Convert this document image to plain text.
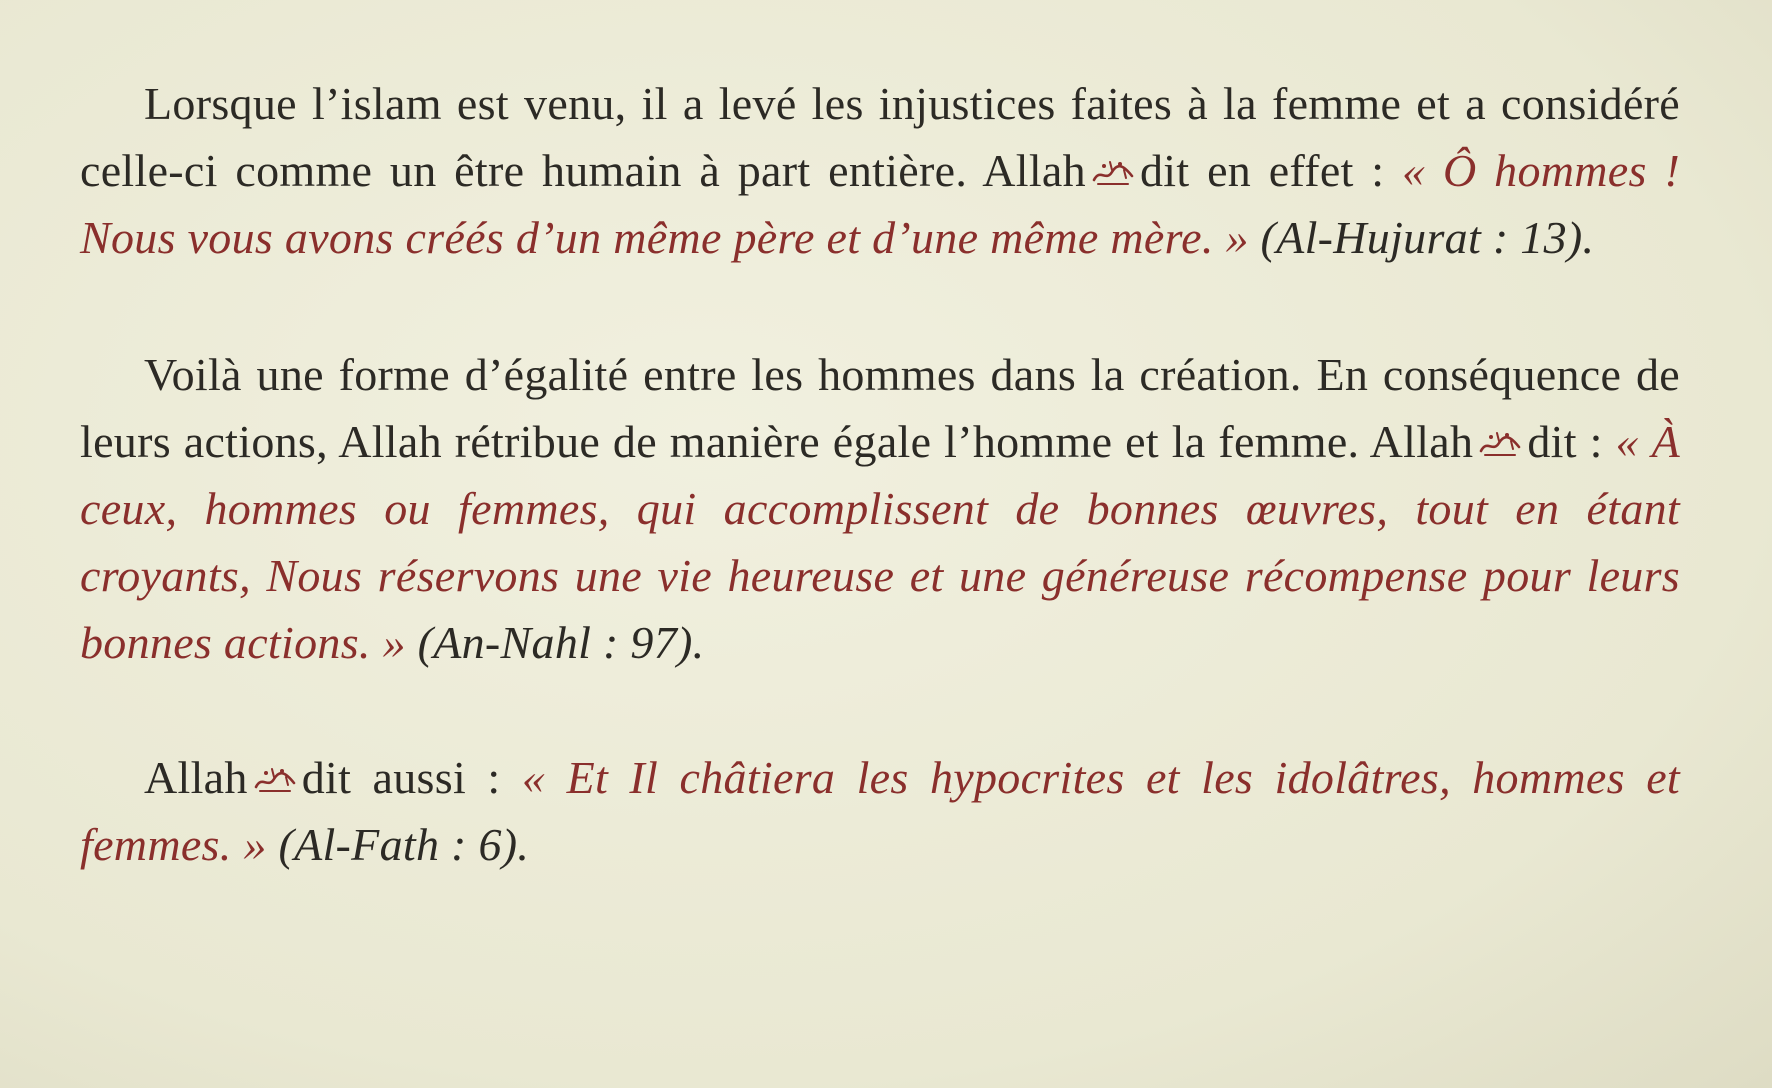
Lorsque l’islam est venu, il a levé les injustices faites à la femme et a considéré celle-ci comme un être humain à part entière. Allah dit en effet : « Ô hommes ! Nous vous avons créés d’un même père et d’une même mère. » (Al-Hujurat : 13).

Voilà une forme d’égalité entre les hommes dans la création. En conséquence de leurs actions, Allah rétribue de manière égale l’homme et la femme. Allah dit : « À ceux, hommes ou femmes, qui accomplissent de bonnes œuvres, tout en étant croyants, Nous réservons une vie heureuse et une généreuse récompense pour leurs bonnes actions. » (An-Nahl : 97).

Allah dit aussi : « Et Il châtiera les hypocrites et les idolâtres, hommes et femmes. » (Al-Fath : 6).
